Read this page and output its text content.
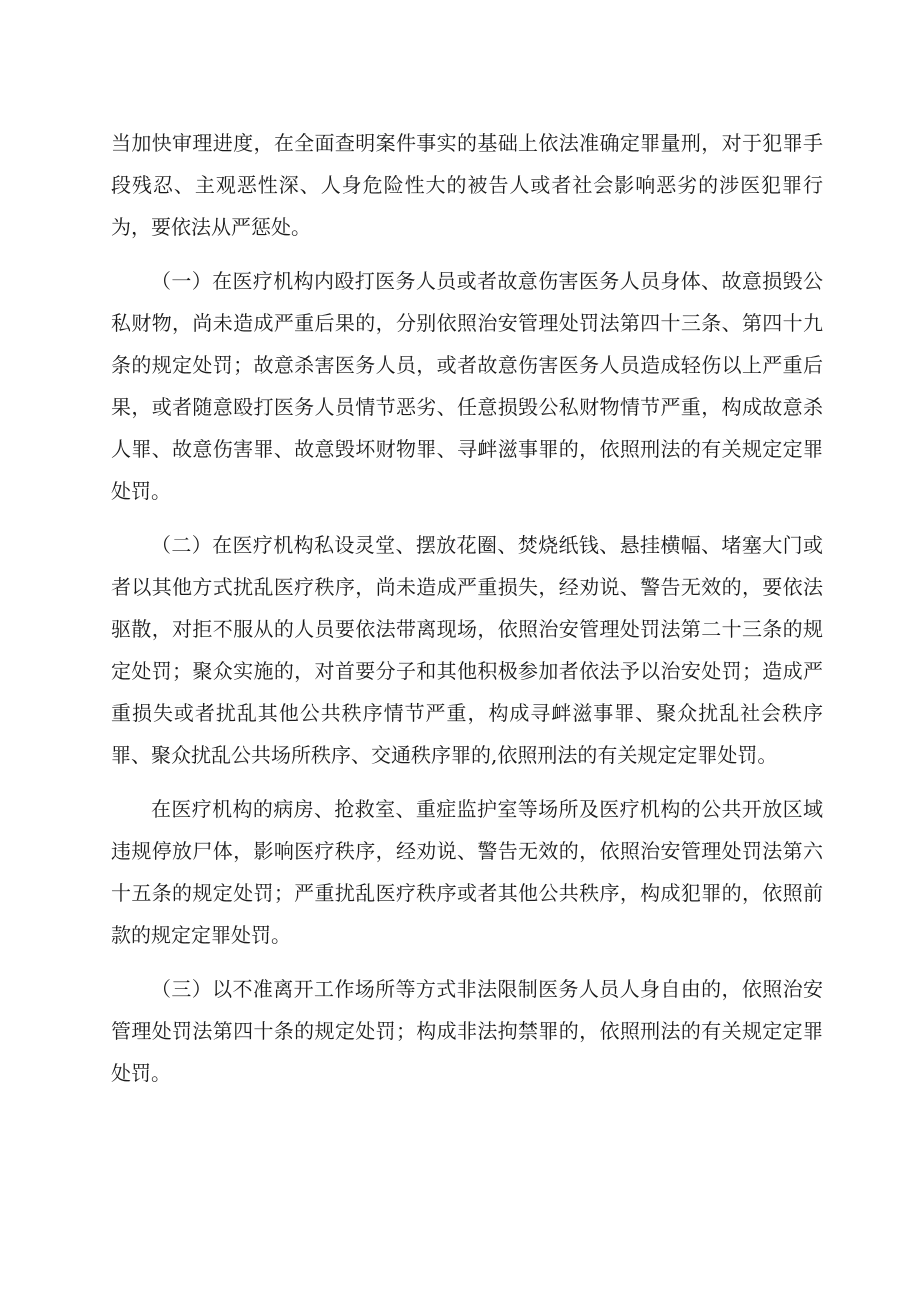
当加快审理进度，在全面查明案件事实的基础上依法准确定罪量刑，对于犯罪手段残忍、主观恶性深、人身危险性大的被告人或者社会影响恶劣的涉医犯罪行为，要依法从严惩处。

（一）在医疗机构内殴打医务人员或者故意伤害医务人员身体、故意损毁公私财物，尚未造成严重后果的，分别依照治安管理处罚法第四十三条、第四十九条的规定处罚；故意杀害医务人员，或者故意伤害医务人员造成轻伤以上严重后果，或者随意殴打医务人员情节恶劣、任意损毁公私财物情节严重，构成故意杀人罪、故意伤害罪、故意毁坏财物罪、寻衅滋事罪的，依照刑法的有关规定定罪处罚。

（二）在医疗机构私设灵堂、摆放花圈、焚烧纸钱、悬挂横幅、堵塞大门或者以其他方式扰乱医疗秩序，尚未造成严重损失，经劝说、警告无效的，要依法驱散，对拒不服从的人员要依法带离现场，依照治安管理处罚法第二十三条的规定处罚；聚众实施的，对首要分子和其他积极参加者依法予以治安处罚；造成严重损失或者扰乱其他公共秩序情节严重，构成寻衅滋事罪、聚众扰乱社会秩序罪、聚众扰乱公共场所秩序、交通秩序罪的,依照刑法的有关规定定罪处罚。

在医疗机构的病房、抢救室、重症监护室等场所及医疗机构的公共开放区域违规停放尸体，影响医疗秩序，经劝说、警告无效的，依照治安管理处罚法第六十五条的规定处罚；严重扰乱医疗秩序或者其他公共秩序，构成犯罪的，依照前款的规定定罪处罚。

（三）以不准离开工作场所等方式非法限制医务人员人身自由的，依照治安管理处罚法第四十条的规定处罚；构成非法拘禁罪的，依照刑法的有关规定定罪处罚。
